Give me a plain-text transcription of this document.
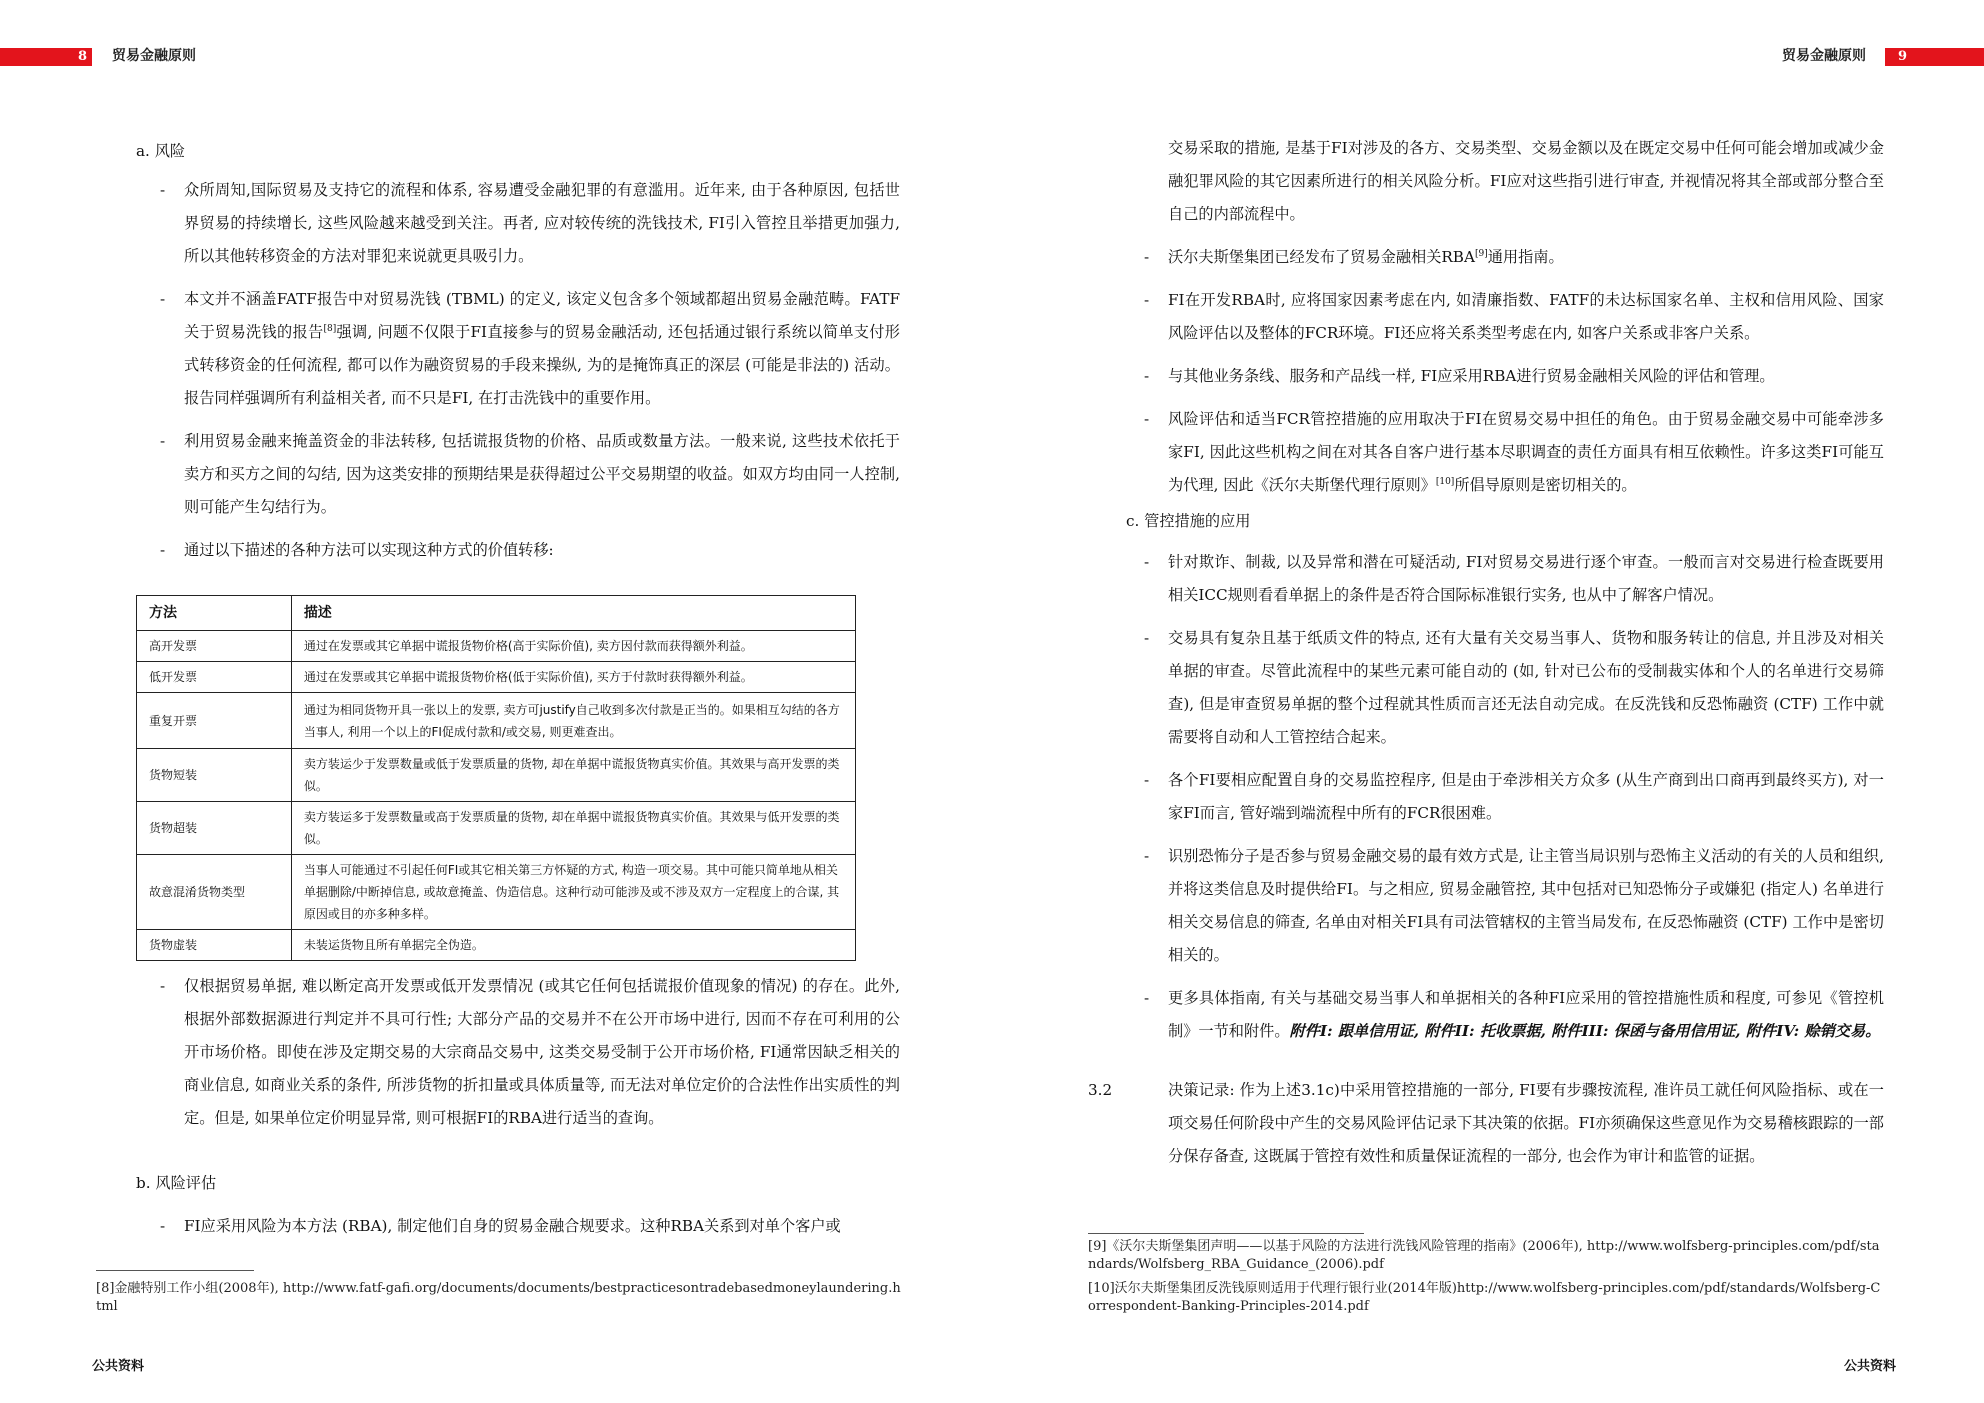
8 贸易金融原则
a. 风险
- 众所周知,国际贸易及支持它的流程和体系, 容易遭受金融犯罪的有意滥用。近年来, 由于各种原因, 包括世界贸易的持续增长, 这些风险越来越受到关注。再者, 应对较传统的洗钱技术, FI引入管控且举措更加强力, 所以其他转移资金的方法对罪犯来说就更具吸引力。

- 本文并不涵盖FATF报告中对贸易洗钱 (TBML) 的定义, 该定义包含多个领域都超出贸易金融范畴。FATF关于贸易洗钱的报告[8]强调, 问题不仅限于FI直接参与的贸易金融活动, 还包括通过银行系统以简单支付形式转移资金的任何流程, 都可以作为融资贸易的手段来操纵, 为的是掩饰真正的深层 (可能是非法的) 活动。报告同样强调所有利益相关者, 而不只是FI, 在打击洗钱中的重要作用。

- 利用贸易金融来掩盖资金的非法转移, 包括谎报货物的价格、品质或数量方法。一般来说, 这些技术依托于卖方和买方之间的勾结, 因为这类安排的预期结果是获得超过公平交易期望的收益。如双方均由同一人控制, 则可能产生勾结行为。

- 通过以下描述的各种方法可以实现这种方式的价值转移:

方法	描述
高开发票	通过在发票或其它单据中谎报货物价格(高于实际价值), 卖方因付款而获得额外利益。
低开发票	通过在发票或其它单据中谎报货物价格(低于实际价值), 买方于付款时获得额外利益。
重复开票	通过为相同货物开具一张以上的发票, 卖方可justify自己收到多次付款是正当的。如果相互勾结的各方当事人, 利用一个以上的FI促成付款和/或交易, 则更难查出。
货物短装	卖方装运少于发票数量或低于发票质量的货物, 却在单据中谎报货物真实价值。其效果与高开发票的类似。
货物超装	卖方装运多于发票数量或高于发票质量的货物, 却在单据中谎报货物真实价值。其效果与低开发票的类似。
故意混淆货物类型	当事人可能通过不引起任何FI或其它相关第三方怀疑的方式, 构造一项交易。其中可能只简单地从相关单据删除/中断掉信息, 或故意掩盖、伪造信息。这种行动可能涉及或不涉及双方一定程度上的合谋, 其原因或目的亦多种多样。
货物虚装	未装运货物且所有单据完全伪造。
- 仅根据贸易单据, 难以断定高开发票或低开发票情况 (或其它任何包括谎报价值现象的情况) 的存在。此外, 根据外部数据源进行判定并不具可行性; 大部分产品的交易并不在公开市场中进行, 因而不存在可利用的公开市场价格。即使在涉及定期交易的大宗商品交易中, 这类交易受制于公开市场价格, FI通常因缺乏相关的商业信息, 如商业关系的条件, 所涉货物的折扣量或具体质量等, 而无法对单位定价的合法性作出实质性的判定。但是, 如果单位定价明显异常, 则可根据FI的RBA进行适当的查询。

b. 风险评估
- FI应采用风险为本方法 (RBA), 制定他们自身的贸易金融合规要求。这种RBA关系到对单个客户或

[8]金融特别工作小组(2008年), http://www.fatf-gafi.org/documents/documents/bestpracticesontradebasedmoneylaundering.html
公共资料
贸易金融原则 9

交易采取的措施, 是基于FI对涉及的各方、交易类型、交易金额以及在既定交易中任何可能会增加或减少金融犯罪风险的其它因素所进行的相关风险分析。FI应对这些指引进行审查, 并视情况将其全部或部分整合至自己的内部流程中。

- 沃尔夫斯堡集团已经发布了贸易金融相关RBA[9]通用指南。

- FI在开发RBA时, 应将国家因素考虑在内, 如清廉指数、FATF的未达标国家名单、主权和信用风险、国家风险评估以及整体的FCR环境。FI还应将关系类型考虑在内, 如客户关系或非客户关系。

- 与其他业务条线、服务和产品线一样, FI应采用RBA进行贸易金融相关风险的评估和管理。

- 风险评估和适当FCR管控措施的应用取决于FI在贸易交易中担任的角色。由于贸易金融交易中可能牵涉多家FI, 因此这些机构之间在对其各自客户进行基本尽职调查的责任方面具有相互依赖性。许多这类FI可能互为代理, 因此《沃尔夫斯堡代理行原则》[10]所倡导原则是密切相关的。

c. 管控措施的应用
- 针对欺诈、制裁, 以及异常和潜在可疑活动, FI对贸易交易进行逐个审查。一般而言对交易进行检查既要用相关ICC规则看看单据上的条件是否符合国际标准银行实务, 也从中了解客户情况。

- 交易具有复杂且基于纸质文件的特点, 还有大量有关交易当事人、货物和服务转让的信息, 并且涉及对相关单据的审查。尽管此流程中的某些元素可能自动的 (如, 针对已公布的受制裁实体和个人的名单进行交易筛查), 但是审查贸易单据的整个过程就其性质而言还无法自动完成。在反洗钱和反恐怖融资 (CTF) 工作中就需要将自动和人工管控结合起来。

- 各个FI要相应配置自身的交易监控程序, 但是由于牵涉相关方众多 (从生产商到出口商再到最终买方), 对一家FI而言, 管好端到端流程中所有的FCR很困难。

- 识别恐怖分子是否参与贸易金融交易的最有效方式是, 让主管当局识别与恐怖主义活动的有关的人员和组织, 并将这类信息及时提供给FI。与之相应, 贸易金融管控, 其中包括对已知恐怖分子或嫌犯 (指定人) 名单进行相关交易信息的筛查, 名单由对相关FI具有司法管辖权的主管当局发布, 在反恐怖融资 (CTF) 工作中是密切相关的。

- 更多具体指南, 有关与基础交易当事人和单据相关的各种FI应采用的管控措施性质和程度, 可参见《管控机制》一节和附件。附件I: 跟单信用证, 附件II: 托收票据, 附件III: 保函与备用信用证, 附件IV: 赊销交易。

3.2	决策记录: 作为上述3.1c)中采用管控措施的一部分, FI要有步骤按流程, 准许员工就任何风险指标、或在一项交易任何阶段中产生的交易风险评估记录下其决策的依据。FI亦须确保这些意见作为交易稽核跟踪的一部分保存备查, 这既属于管控有效性和质量保证流程的一部分, 也会作为审计和监管的证据。

[9]《沃尔夫斯堡集团声明——以基于风险的方法进行洗钱风险管理的指南》(2006年), http://www.wolfsberg-principles.com/pdf/standards/Wolfsberg_RBA_Guidance_(2006).pdf
[10]沃尔夫斯堡集团反洗钱原则适用于代理行银行业(2014年版)http://www.wolfsberg-principles.com/pdf/standards/Wolfsberg-Correspondent-Banking-Principles-2014.pdf
公共资料
